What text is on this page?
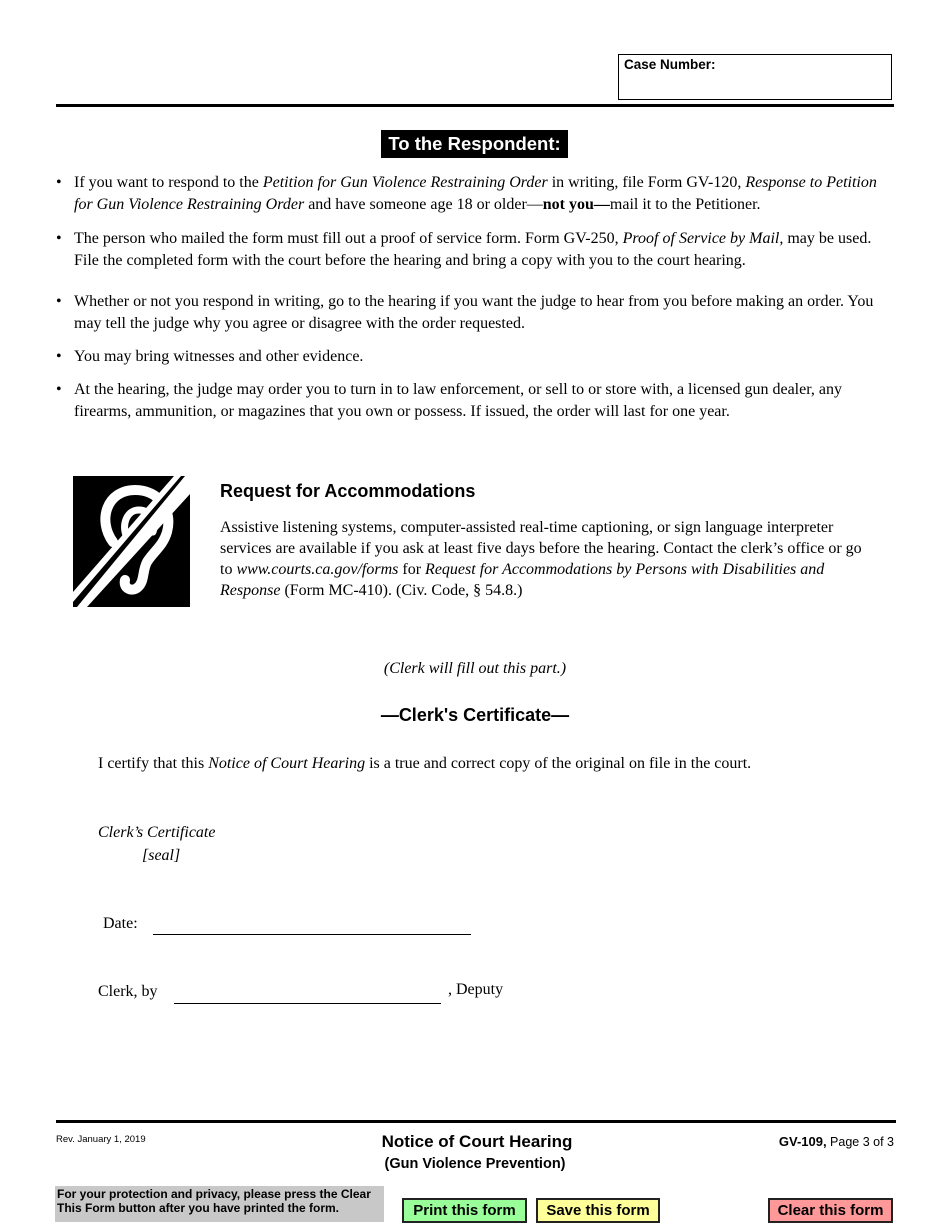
Case Number:
To the Respondent:
• If you want to respond to the Petition for Gun Violence Restraining Order in writing, file Form GV-120, Response to Petition for Gun Violence Restraining Order and have someone age 18 or older—not you—mail it to the Petitioner.
• The person who mailed the form must fill out a proof of service form. Form GV-250, Proof of Service by Mail, may be used. File the completed form with the court before the hearing and bring a copy with you to the court hearing.
• Whether or not you respond in writing, go to the hearing if you want the judge to hear from you before making an order. You may tell the judge why you agree or disagree with the order requested.
• You may bring witnesses and other evidence.
• At the hearing, the judge may order you to turn in to law enforcement, or sell to or store with, a licensed gun dealer, any firearms, ammunition, or magazines that you own or possess. If issued, the order will last for one year.
Request for Accommodations
Assistive listening systems, computer-assisted real-time captioning, or sign language interpreter services are available if you ask at least five days before the hearing. Contact the clerk’s office or go to www.courts.ca.gov/forms for Request for Accommodations by Persons with Disabilities and Response (Form MC-410). (Civ. Code, § 54.8.)
(Clerk will fill out this part.)
—Clerk's Certificate—
I certify that this Notice of Court Hearing is a true and correct copy of the original on file in the court.
Clerk’s Certificate
[seal]
Date:
Clerk, by	, Deputy
Rev. January 1, 2019	Notice of Court Hearing
(Gun Violence Prevention)
GV-109, Page 3 of 3
For your protection and privacy, please press the Clear This Form button after you have printed the form.	Print this form	Save this form	Clear this form
